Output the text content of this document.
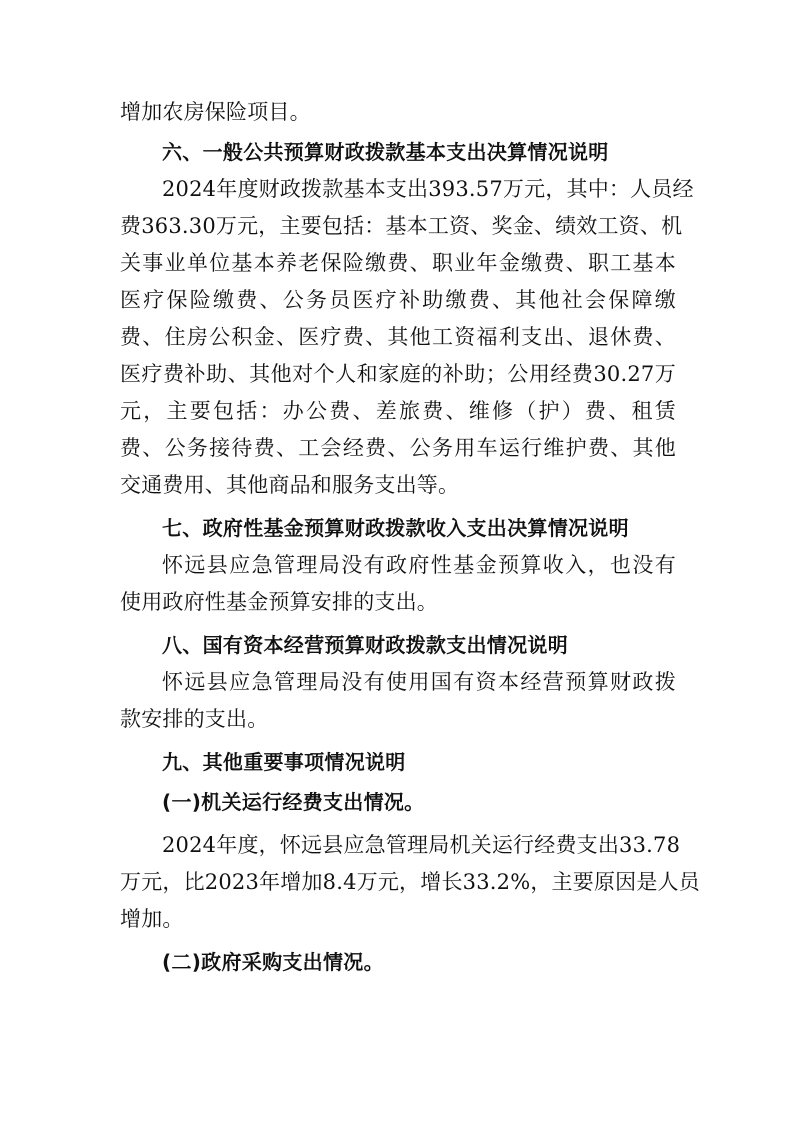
增加农房保险项目。
六、一般公共预算财政拨款基本支出决算情况说明
2024年度财政拨款基本支出393.57万元，其中：人员经
费363.30万元，主要包括：基本工资、奖金、绩效工资、机
关事业单位基本养老保险缴费、职业年金缴费、职工基本
医疗保险缴费、公务员医疗补助缴费、其他社会保障缴
费、住房公积金、医疗费、其他工资福利支出、退休费、
医疗费补助、其他对个人和家庭的补助；公用经费30.27万
元，主要包括：办公费、差旅费、维修（护）费、租赁
费、公务接待费、工会经费、公务用车运行维护费、其他
交通费用、其他商品和服务支出等。
七、政府性基金预算财政拨款收入支出决算情况说明
怀远县应急管理局没有政府性基金预算收入，也没有
使用政府性基金预算安排的支出。
八、国有资本经营预算财政拨款支出情况说明
怀远县应急管理局没有使用国有资本经营预算财政拨
款安排的支出。
九、其他重要事项情况说明
(一)机关运行经费支出情况。
2024年度，怀远县应急管理局机关运行经费支出33.78
万元，比2023年增加8.4万元，增长33.2%，主要原因是人员
增加。
(二)政府采购支出情况。
